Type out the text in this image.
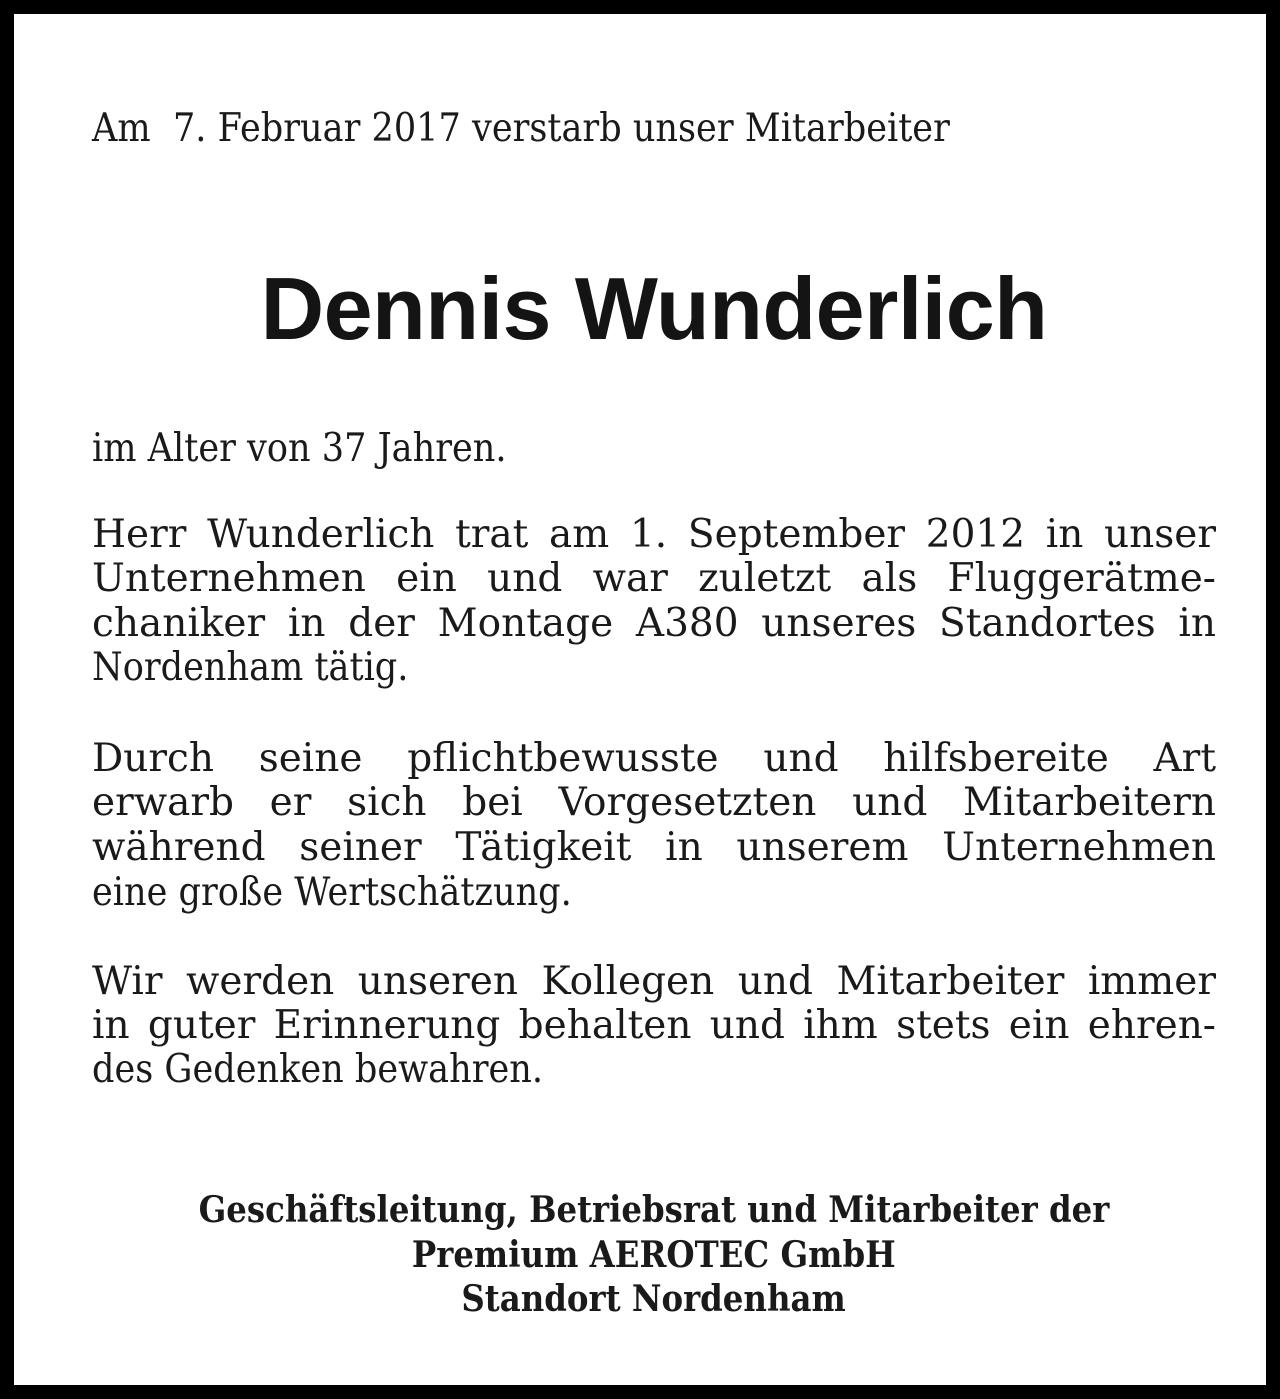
Am  7. Februar 2017 verstarb unser Mitarbeiter

Dennis Wunderlich

im Alter von 37 Jahren.

Herr Wunderlich trat am 1. September 2012 in unser

Unternehmen ein und war zuletzt als Fluggerätme-

chaniker in der Montage A380 unseres Standortes in

Nordenham tätig.

Durch seine pflichtbewusste und hilfsbereite Art

erwarb er sich bei Vorgesetzten und Mitarbeitern

während seiner Tätigkeit in unserem Unternehmen

eine große Wertschätzung.

Wir werden unseren Kollegen und Mitarbeiter immer

in guter Erinnerung behalten und ihm stets ein ehren-

des Gedenken bewahren.

Geschäftsleitung, Betriebsrat und Mitarbeiter der

Premium AEROTEC GmbH

Standort Nordenham
